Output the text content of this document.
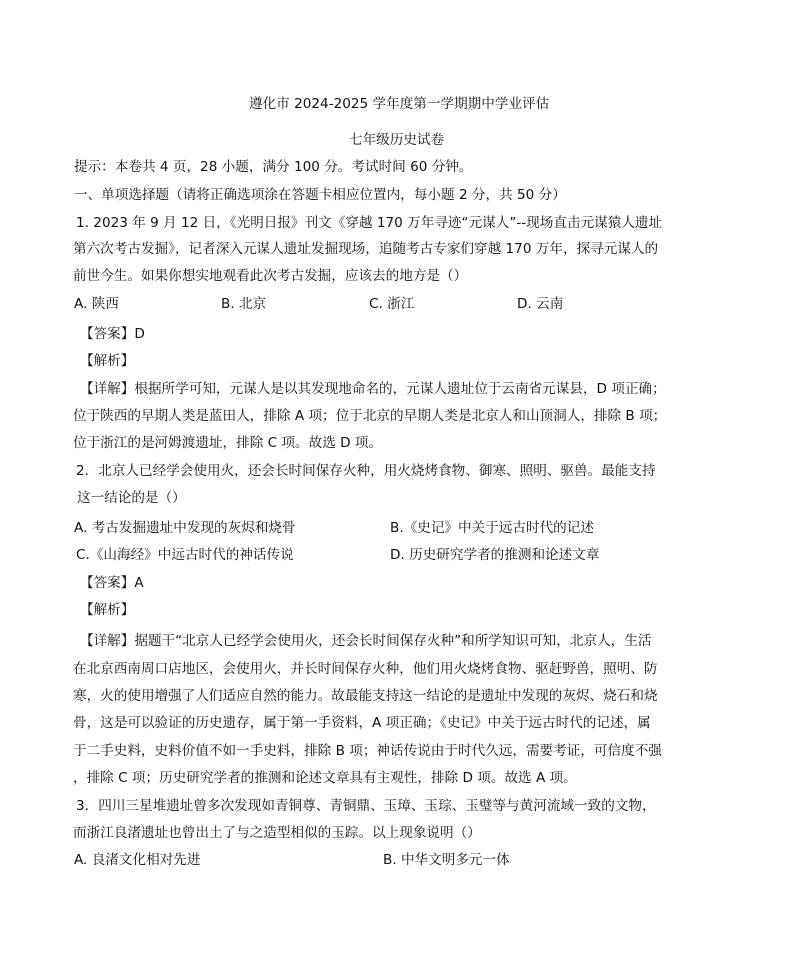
遵化市 2024-2025 学年度第一学期期中学业评估
七年级历史试卷
提示：本卷共 4 页，28 小题，满分 100 分。考试时间 60 分钟。
一、单项选择题（请将正确选项涂在答题卡相应位置内，每小题 2 分，共 50 分）
1. 2023 年 9 月 12 日，《光明日报》刊文《穿越 170 万年寻迹“元谋人”--现场直击元谋猿人遗址
第六次考古发掘》，记者深入元谋人遗址发掘现场，追随考古专家们穿越 170 万年，探寻元谋人的
前世今生。如果你想实地观看此次考古发掘，应该去的地方是（）
A. 陕西	B. 北京	C. 浙江	D. 云南
【答案】D
【解析】
【详解】根据所学可知，元谋人是以其发现地命名的，元谋人遗址位于云南省元谋县，D 项正确；
位于陕西的早期人类是蓝田人，排除 A 项；位于北京的早期人类是北京人和山顶洞人，排除 B 项；
位于浙江的是河姆渡遗址，排除 C 项。故选 D 项。
2．北京人已经学会使用火，还会长时间保存火种，用火烧烤食物、御寒、照明、驱兽。最能支持
这一结论的是（）
A. 考古发掘遗址中发现的灰烬和烧骨	B.《史记》中关于远古时代的记述
C.《山海经》中远古时代的神话传说	D. 历史研究学者的推测和论述文章
【答案】A
【解析】
【详解】据题干“北京人已经学会使用火，还会长时间保存火种”和所学知识可知，北京人，生活
在北京西南周口店地区，会使用火，并长时间保存火种，他们用火烧烤食物、驱赶野兽，照明、防
寒，火的使用增强了人们适应自然的能力。故最能支持这一结论的是遗址中发现的灰烬、烧石和烧
骨，这是可以验证的历史遗存，属于第一手资料，A 项正确；《史记》中关于远古时代的记述，属
于二手史料，史料价值不如一手史料，排除 B 项；神话传说由于时代久远，需要考证，可信度不强
，排除 C 项；历史研究学者的推测和论述文章具有主观性，排除 D 项。故选 A 项。
3．四川三星堆遗址曾多次发现如青铜尊、青铜鼎、玉璋、玉琮、玉璧等与黄河流域一致的文物，
而浙江良渚遗址也曾出土了与之造型相似的玉踪。以上现象说明（）
A. 良渚文化相对先进	B. 中华文明多元一体
